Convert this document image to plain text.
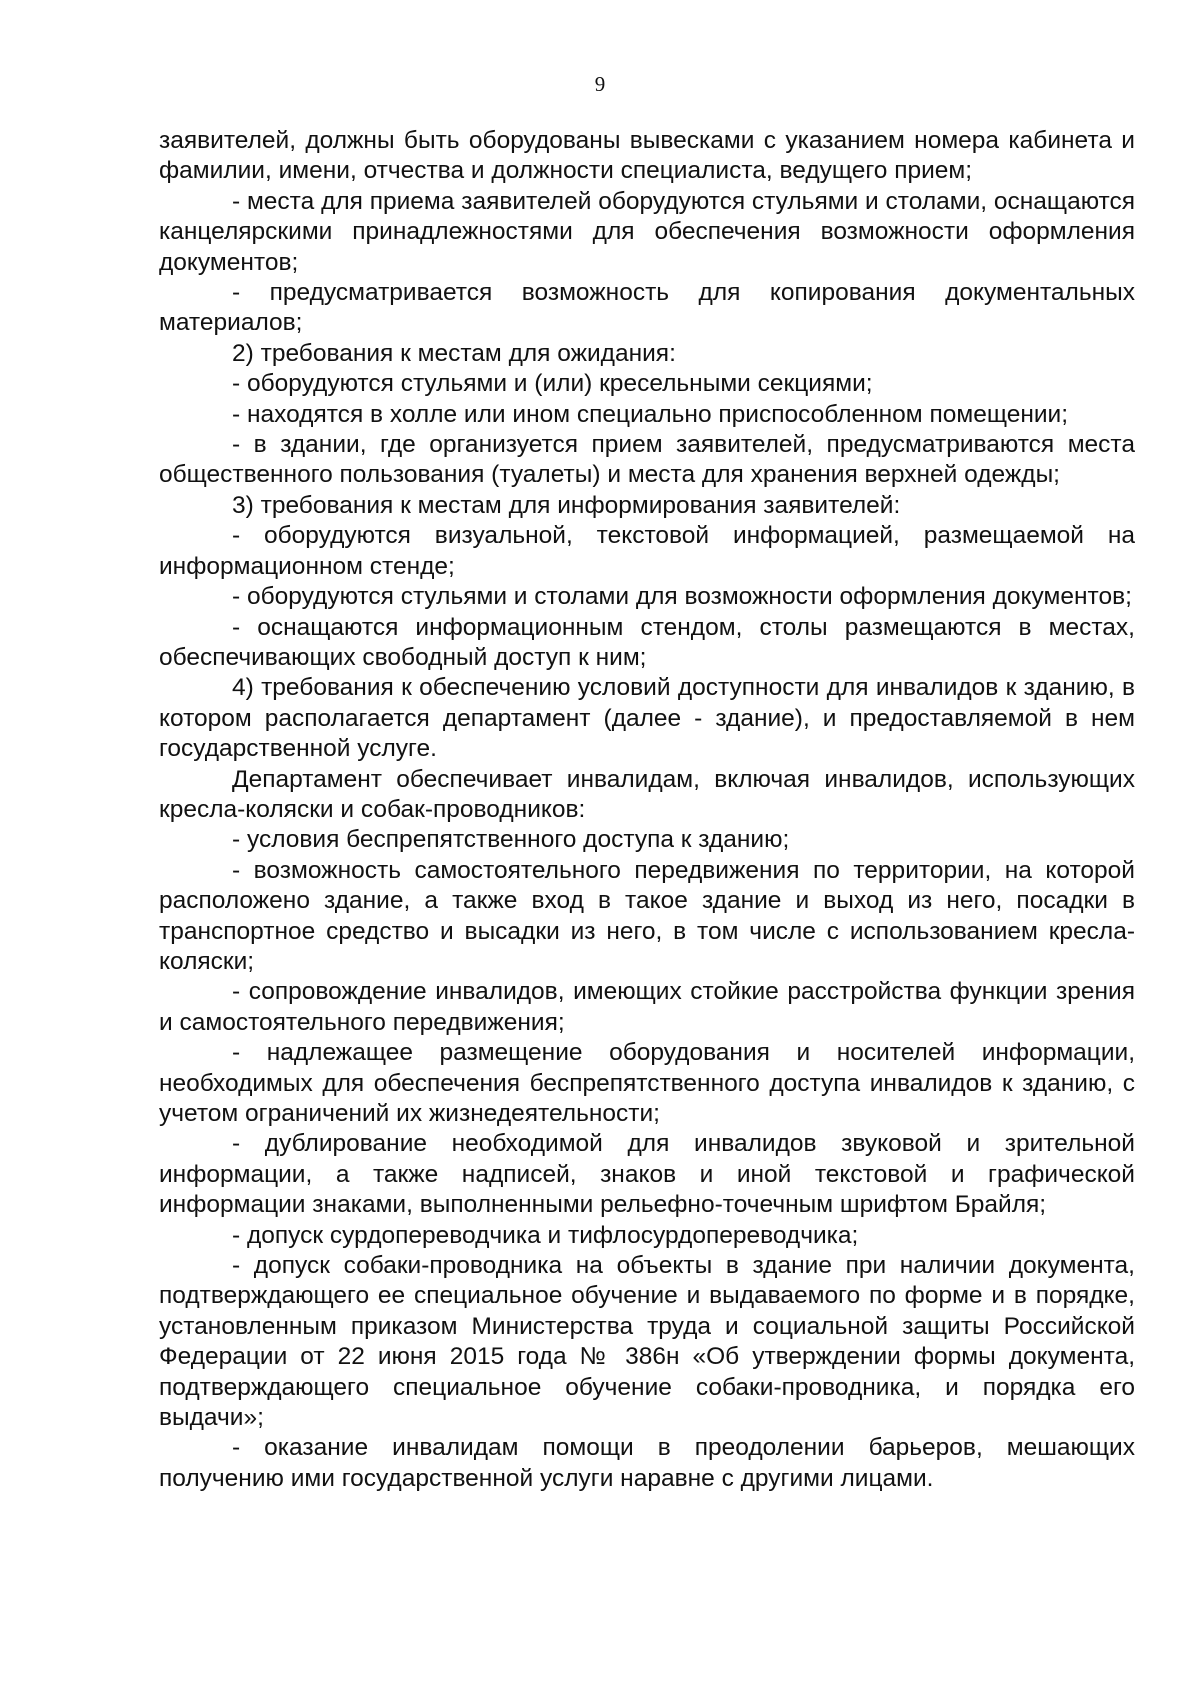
9

заявителей, должны быть оборудованы вывесками с указанием номера кабинета и фамилии, имени, отчества и должности специалиста, ведущего прием;

- места для приема заявителей оборудуются стульями и столами, оснащаются канцелярскими принадлежностями для обеспечения возможности оформления документов;

- предусматривается возможность для копирования документальных материалов;

2) требования к местам для ожидания:

- оборудуются стульями и (или) кресельными секциями;

- находятся в холле или ином специально приспособленном помещении;

- в здании, где организуется прием заявителей, предусматриваются места общественного пользования (туалеты) и места для хранения верхней одежды;

3) требования к местам для информирования заявителей:

- оборудуются визуальной, текстовой информацией, размещаемой на информационном стенде;

- оборудуются стульями и столами для возможности оформления документов;

- оснащаются информационным стендом, столы размещаются в местах, обеспечивающих свободный доступ к ним;

4) требования к обеспечению условий доступности для инвалидов к зданию, в котором располагается департамент (далее - здание), и предоставляемой в нем государственной услуге.

Департамент обеспечивает инвалидам, включая инвалидов, использующих кресла-коляски и собак-проводников:

- условия беспрепятственного доступа к зданию;

- возможность самостоятельного передвижения по территории, на которой расположено здание, а также вход в такое здание и выход из него, посадки в транспортное средство и высадки из него, в том числе с использованием кресла-коляски;

- сопровождение инвалидов, имеющих стойкие расстройства функции зрения и самостоятельного передвижения;

- надлежащее размещение оборудования и носителей информации, необходимых для обеспечения беспрепятственного доступа инвалидов к зданию, с учетом ограничений их жизнедеятельности;

- дублирование необходимой для инвалидов звуковой и зрительной информации, а также надписей, знаков и иной текстовой и графической информации знаками, выполненными рельефно-точечным шрифтом Брайля;

- допуск сурдопереводчика и тифлосурдопереводчика;

- допуск собаки-проводника на объекты в здание при наличии документа, подтверждающего ее специальное обучение и выдаваемого по форме и в порядке, установленным приказом Министерства труда и социальной защиты Российской Федерации от 22 июня 2015 года № 386н «Об утверждении формы документа, подтверждающего специальное обучение собаки-проводника, и порядка его выдачи»;

- оказание инвалидам помощи в преодолении барьеров, мешающих получению ими государственной услуги наравне с другими лицами.
